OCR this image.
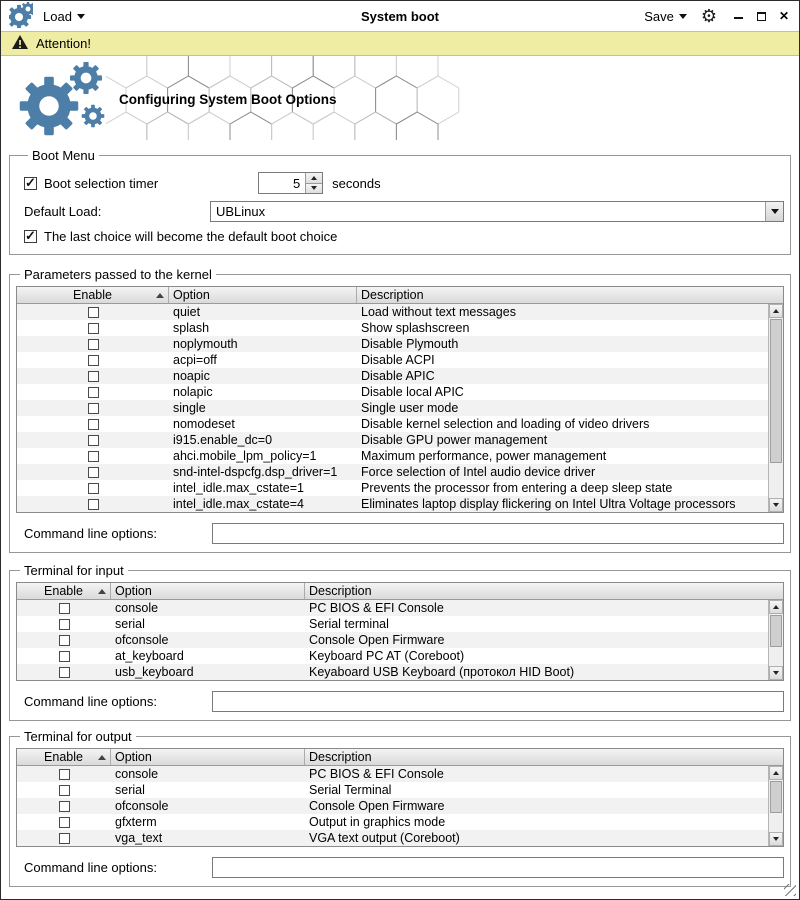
Load	System boot	Save ⚙	✕
Attention!
Configuring System Boot Options
Boot Menu
✓
Boot selection timer	5	seconds
Default Load:	UBLinux
✓
The last choice will become the default boot choice
Parameters passed to the kernel
Enable	Option	Description
quiet	Load without text messages
splash	Show splashscreen
noplymouth	Disable Plymouth
acpi=off	Disable ACPI
noapic	Disable APIC
nolapic	Disable local APIC
single	Single user mode
nomodeset	Disable kernel selection and loading of video drivers
i915.enable_dc=0	Disable GPU power management
ahci.mobile_lpm_policy=1	Maximum performance, power management
snd-intel-dspcfg.dsp_driver=1	Force selection of Intel audio device driver
intel_idle.max_cstate=1	Prevents the processor from entering a deep sleep state
intel_idle.max_cstate=4	Eliminates laptop display flickering on Intel Ultra Voltage processors
Command line options:
Terminal for input
Enable	Option	Description
console	PC BIOS & EFI Console
serial	Serial terminal
ofconsole	Console Open Firmware
at_keyboard	Keyboard PC AT (Coreboot)
usb_keyboard	Keyaboard USB Keyboard (протокол HID Boot)
Command line options:
Terminal for output
Enable	Option	Description
console	PC BIOS & EFI Console
serial	Serial Terminal
ofconsole	Console Open Firmware
gfxterm	Output in graphics mode
vga_text	VGA text output (Coreboot)
Command line options:
